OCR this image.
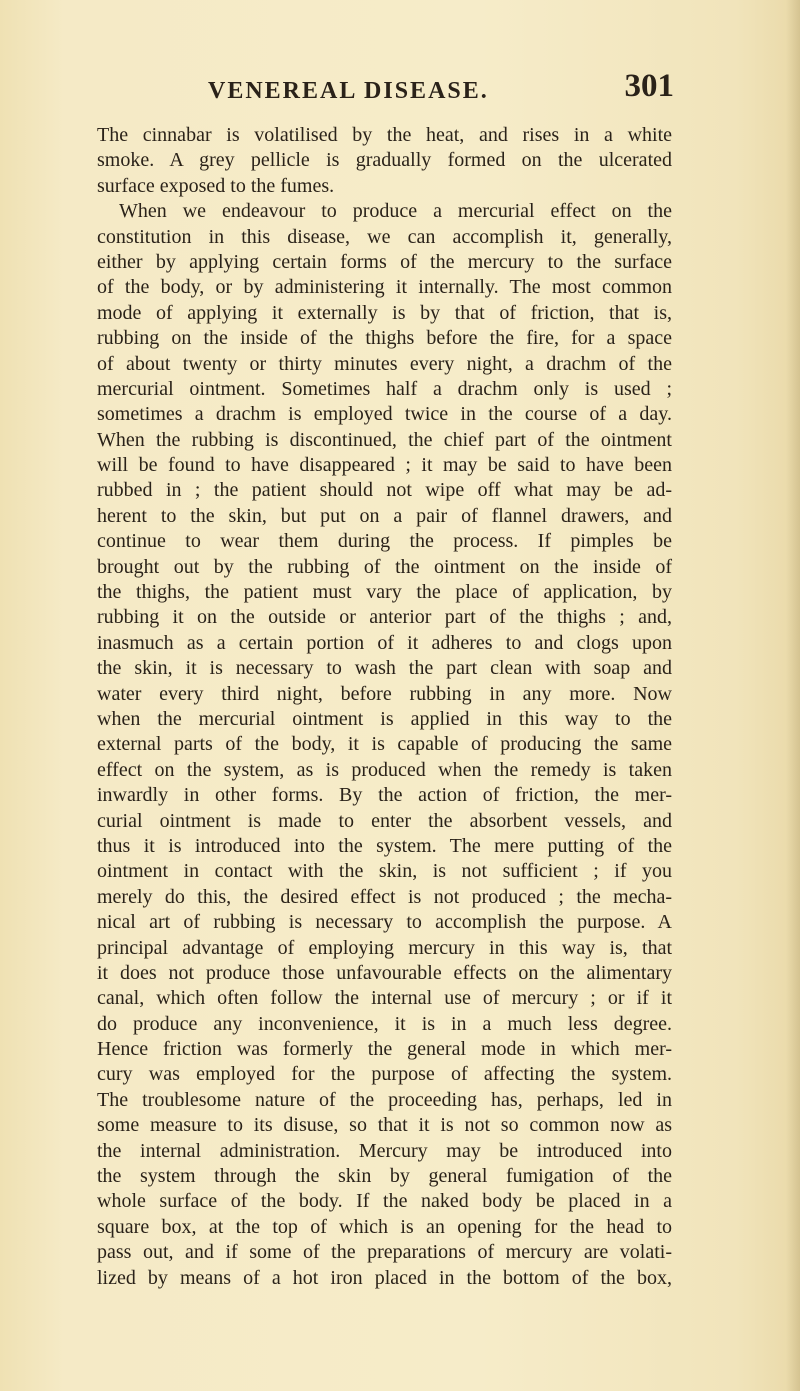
VENEREAL DISEASE.	301
The cinnabar is volatilised by the heat, and rises in a white
smoke. A grey pellicle is gradually formed on the ulcerated
surface exposed to the fumes.
When we endeavour to produce a mercurial effect on the
constitution in this disease, we can accomplish it, generally,
either by applying certain forms of the mercury to the surface
of the body, or by administering it internally. The most common
mode of applying it externally is by that of friction, that is,
rubbing on the inside of the thighs before the fire, for a space
of about twenty or thirty minutes every night, a drachm of the
mercurial ointment. Sometimes half a drachm only is used ;
sometimes a drachm is employed twice in the course of a day.
When the rubbing is discontinued, the chief part of the ointment
will be found to have disappeared ; it may be said to have been
rubbed in ; the patient should not wipe off what may be ad-
herent to the skin, but put on a pair of flannel drawers, and
continue to wear them during the process. If pimples be
brought out by the rubbing of the ointment on the inside of
the thighs, the patient must vary the place of application, by
rubbing it on the outside or anterior part of the thighs ; and,
inasmuch as a certain portion of it adheres to and clogs upon
the skin, it is necessary to wash the part clean with soap and
water every third night, before rubbing in any more. Now
when the mercurial ointment is applied in this way to the
external parts of the body, it is capable of producing the same
effect on the system, as is produced when the remedy is taken
inwardly in other forms. By the action of friction, the mer-
curial ointment is made to enter the absorbent vessels, and
thus it is introduced into the system. The mere putting of the
ointment in contact with the skin, is not sufficient ; if you
merely do this, the desired effect is not produced ; the mecha-
nical art of rubbing is necessary to accomplish the purpose. A
principal advantage of employing mercury in this way is, that
it does not produce those unfavourable effects on the alimentary
canal, which often follow the internal use of mercury ; or if it
do produce any inconvenience, it is in a much less degree.
Hence friction was formerly the general mode in which mer-
cury was employed for the purpose of affecting the system.
The troublesome nature of the proceeding has, perhaps, led in
some measure to its disuse, so that it is not so common now as
the internal administration. Mercury may be introduced into
the system through the skin by general fumigation of the
whole surface of the body. If the naked body be placed in a
square box, at the top of which is an opening for the head to
pass out, and if some of the preparations of mercury are volati-
lized by means of a hot iron placed in the bottom of the box,
